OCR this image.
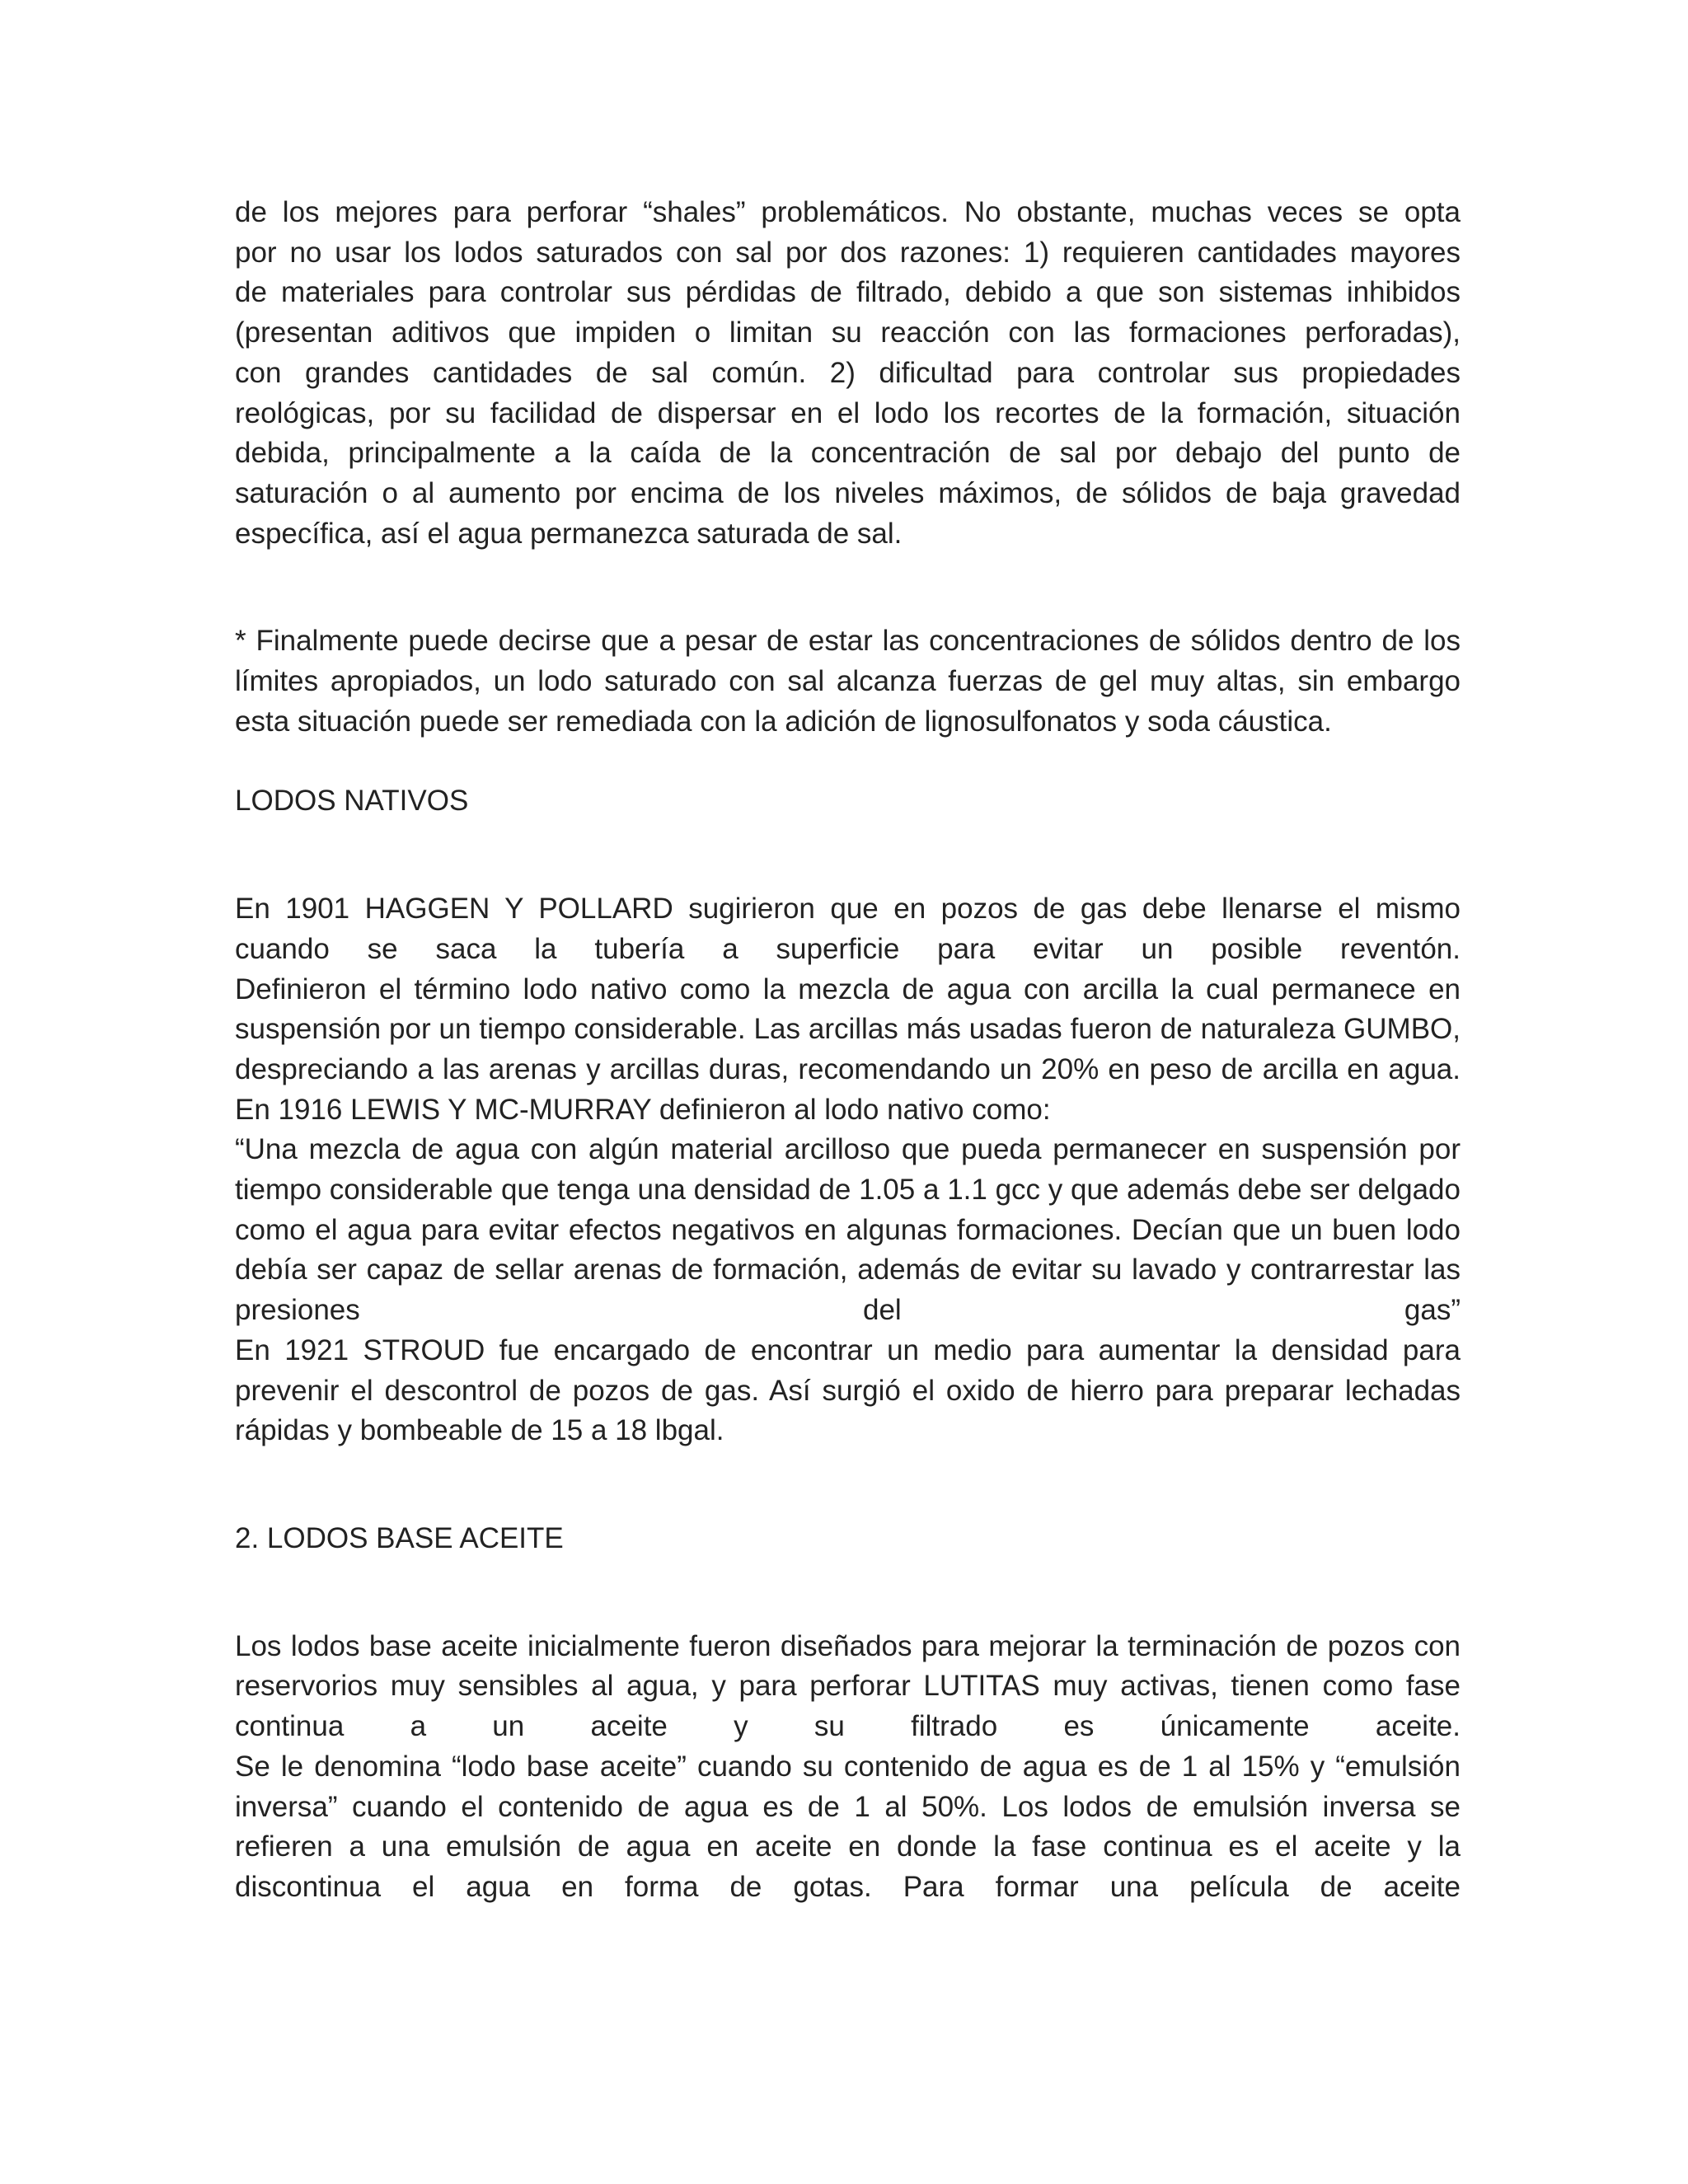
de los mejores para perforar “shales” problemáticos. No obstante, muchas veces se opta
por no usar los lodos saturados con sal por dos razones: 1) requieren cantidades mayores
de materiales para controlar sus pérdidas de filtrado, debido a que son sistemas inhibidos
(presentan aditivos que impiden o limitan su reacción con las formaciones perforadas),
con grandes cantidades de sal común. 2) dificultad para controlar sus propiedades
reológicas, por su facilidad de dispersar en el lodo los recortes de la formación, situación
debida, principalmente a la caída de la concentración de sal por debajo del punto de
saturación o al aumento por encima de los niveles máximos, de sólidos de baja gravedad
específica, así el agua permanezca saturada de sal.

* Finalmente puede decirse que a pesar de estar las concentraciones de sólidos dentro de los límites apropiados, un lodo saturado con sal alcanza fuerzas de gel muy altas, sin embargo esta situación puede ser remediada con la adición de lignosulfonatos y soda cáustica.

LODOS NATIVOS

En 1901 HAGGEN Y POLLARD sugirieron que en pozos de gas debe llenarse el mismo cuando se saca la tubería a superficie para evitar un posible reventón.

Definieron el término lodo nativo como la mezcla de agua con arcilla la cual permanece en suspensión por un tiempo considerable. Las arcillas más usadas fueron de naturaleza GUMBO, despreciando a las arenas y arcillas duras, recomendando un 20% en peso de arcilla en agua. En 1916 LEWIS Y MC-MURRAY definieron al lodo nativo como:

“Una mezcla de agua con algún material arcilloso que pueda permanecer en suspensión por tiempo considerable que tenga una densidad de 1.05 a 1.1 gcc y que además debe ser delgado como el agua para evitar efectos negativos en algunas formaciones. Decían que un buen lodo debía ser capaz de sellar arenas de formación, además de evitar su lavado y contrarrestar las presiones del gas”

En 1921 STROUD fue encargado de encontrar un medio para aumentar la densidad para prevenir el descontrol de pozos de gas. Así surgió el oxido de hierro para preparar lechadas rápidas y bombeable de 15 a 18 lbgal.

2. LODOS BASE ACEITE

Los lodos base aceite inicialmente fueron diseñados para mejorar la terminación de pozos con reservorios muy sensibles al agua, y para perforar LUTITAS muy activas, tienen como fase continua a un aceite y su filtrado es únicamente aceite.

Se le denomina “lodo base aceite” cuando su contenido de agua es de 1 al 15% y “emulsión inversa” cuando el contenido de agua es de 1 al 50%. Los lodos de emulsión inversa se refieren a una emulsión de agua en aceite en donde la fase continua es el aceite y la discontinua el agua en forma de gotas. Para formar una película de aceite
